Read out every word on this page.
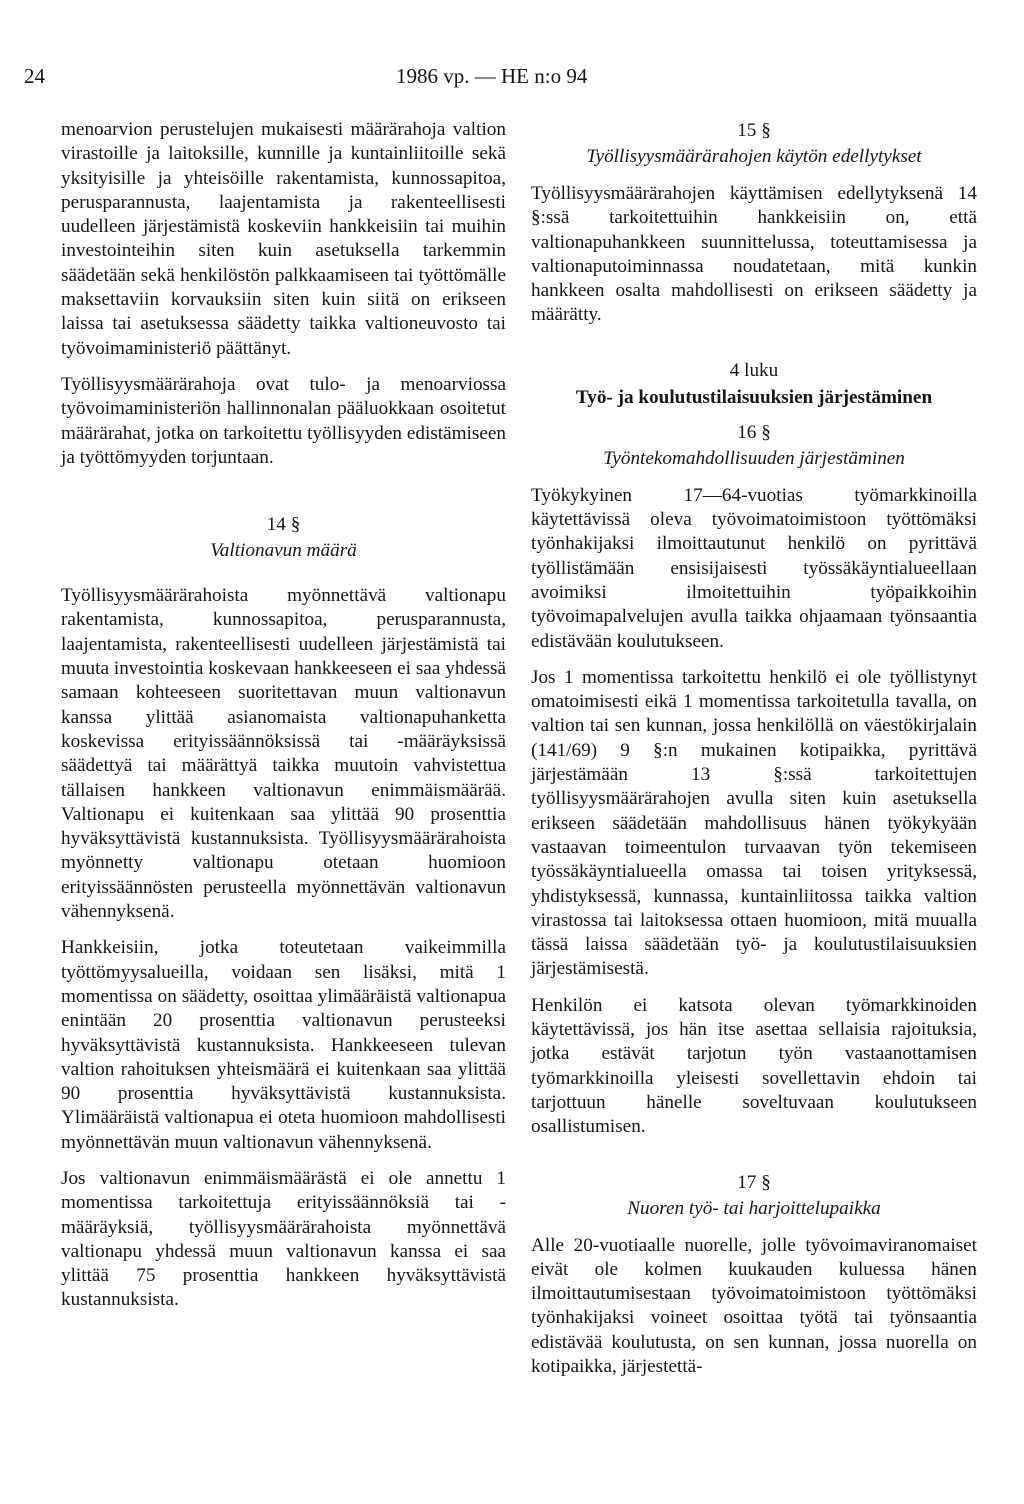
24	1986 vp. — HE n:o 94

menoarvion perustelujen mukaisesti määrärahoja valtion virastoille ja laitoksille, kunnille ja kuntainliitoille sekä yksityisille ja yhteisöille rakentamista, kunnossapitoa, perusparannusta, laajentamista ja rakenteellisesti uudelleen järjestämistä koskeviin hankkeisiin tai muihin investointeihin siten kuin asetuksella tarkemmin säädetään sekä henkilöstön palkkaamiseen tai työttömälle maksettaviin korvauksiin siten kuin siitä on erikseen laissa tai asetuksessa säädetty taikka valtioneuvosto tai työvoimaministeriö päättänyt.

Työllisyysmäärärahoja ovat tulo- ja menoarviossa työvoimaministeriön hallinnonalan pääluokkaan osoitetut määrärahat, jotka on tarkoitettu työllisyyden edistämiseen ja työttömyyden torjuntaan.

14 §
Valtionavun määrä

Työllisyysmäärärahoista myönnettävä valtionapu rakentamista, kunnossapitoa, perusparannusta, laajentamista, rakenteellisesti uudelleen järjestämistä tai muuta investointia koskevaan hankkeeseen ei saa yhdessä samaan kohteeseen suoritettavan muun valtionavun kanssa ylittää asianomaista valtionapuhanketta koskevissa erityissäännöksissä tai -määräyksissä säädettyä tai määrättyä taikka muutoin vahvistettua tällaisen hankkeen valtionavun enimmäismäärää. Valtionapu ei kuitenkaan saa ylittää 90 prosenttia hyväksyttävistä kustannuksista. Työllisyysmäärärahoista myönnetty valtionapu otetaan huomioon erityissäännösten perusteella myönnettävän valtionavun vähennyksenä.

Hankkeisiin, jotka toteutetaan vaikeimmilla työttömyysalueilla, voidaan sen lisäksi, mitä 1 momentissa on säädetty, osoittaa ylimääräistä valtionapua enintään 20 prosenttia valtionavun perusteeksi hyväksyttävistä kustannuksista. Hankkeeseen tulevan valtion rahoituksen yhteismäärä ei kuitenkaan saa ylittää 90 prosenttia hyväksyttävistä kustannuksista. Ylimääräistä valtionapua ei oteta huomioon mahdollisesti myönnettävän muun valtionavun vähennyksenä.

Jos valtionavun enimmäismäärästä ei ole annettu 1 momentissa tarkoitettuja erityissäännöksiä tai -määräyksiä, työllisyysmäärärahoista myönnettävä valtionapu yhdessä muun valtionavun kanssa ei saa ylittää 75 prosenttia hankkeen hyväksyttävistä kustannuksista.

15 §
Työllisyysmäärärahojen käytön edellytykset

Työllisyysmäärärahojen käyttämisen edellytyksenä 14 §:ssä tarkoitettuihin hankkeisiin on, että valtionapuhankkeen suunnittelussa, toteuttamisessa ja valtionaputoiminnassa noudatetaan, mitä kunkin hankkeen osalta mahdollisesti on erikseen säädetty ja määrätty.

4 luku
Työ- ja koulutustilaisuuksien järjestäminen
16 §
Työntekomahdollisuuden järjestäminen

Työkykyinen 17—64-vuotias työmarkkinoilla käytettävissä oleva työvoimatoimistoon työttömäksi työnhakijaksi ilmoittautunut henkilö on pyrittävä työllistämään ensisijaisesti työssäkäyntialueellaan avoimiksi ilmoitettuihin työpaikkoihin työvoimapalvelujen avulla taikka ohjaamaan työnsaantia edistävään koulutukseen.

Jos 1 momentissa tarkoitettu henkilö ei ole työllistynyt omatoimisesti eikä 1 momentissa tarkoitetulla tavalla, on valtion tai sen kunnan, jossa henkilöllä on väestökirjalain (141/69) 9 §:n mukainen kotipaikka, pyrittävä järjestämään 13 §:ssä tarkoitettujen työllisyysmäärärahojen avulla siten kuin asetuksella erikseen säädetään mahdollisuus hänen työkykyään vastaavan toimeentulon turvaavan työn tekemiseen työssäkäyntialueella omassa tai toisen yrityksessä, yhdistyksessä, kunnassa, kuntainliitossa taikka valtion virastossa tai laitoksessa ottaen huomioon, mitä muualla tässä laissa säädetään työ- ja koulutustilaisuuksien järjestämisestä.

Henkilön ei katsota olevan työmarkkinoiden käytettävissä, jos hän itse asettaa sellaisia rajoituksia, jotka estävät tarjotun työn vastaanottamisen työmarkkinoilla yleisesti sovellettavin ehdoin tai tarjottuun hänelle soveltuvaan koulutukseen osallistumisen.

17 §
Nuoren työ- tai harjoittelupaikka

Alle 20-vuotiaalle nuorelle, jolle työvoimaviranomaiset eivät ole kolmen kuukauden kuluessa hänen ilmoittautumisestaan työvoimatoimistoon työttömäksi työnhakijaksi voineet osoittaa työtä tai työnsaantia edistävää koulutusta, on sen kunnan, jossa nuorella on kotipaikka, järjestettä-
